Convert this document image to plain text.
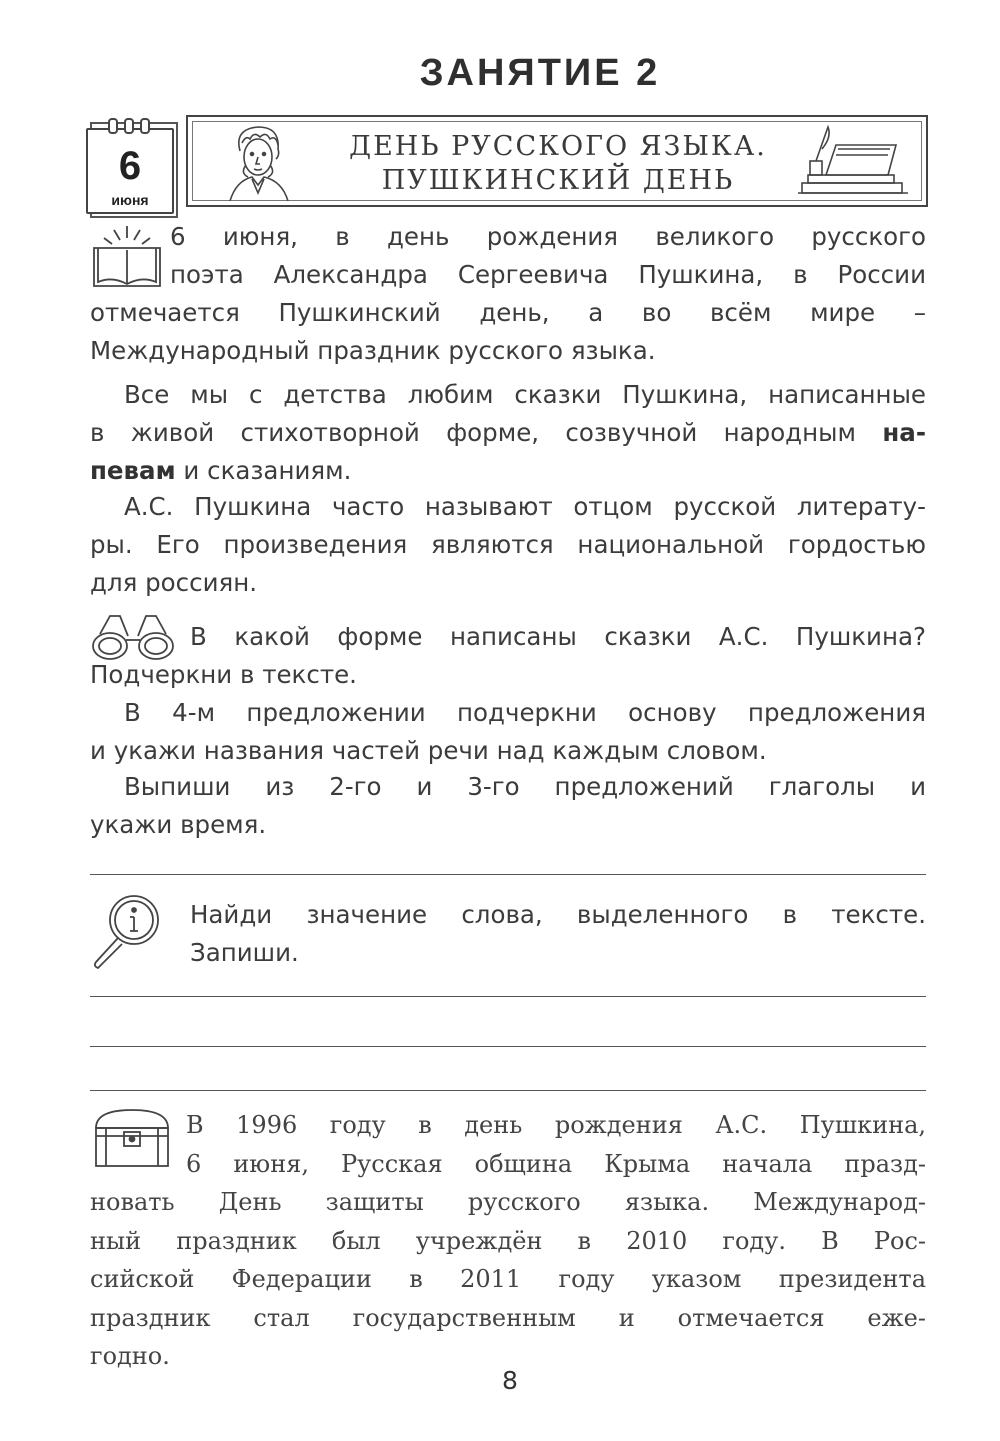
ЗАНЯТИЕ 2
6
июня
ДЕНЬ РУССКОГО ЯЗЫКА.
ПУШКИНСКИЙ ДЕНЬ
6 июня, в день рождения великого русского
поэта Александра Сергеевича Пушкина, в России
отмечается Пушкинский день, а во всём мире –
Международный праздник русского языка.
Все мы с детства любим сказки Пушкина, написанные
в живой стихотворной форме, созвучной народным на-
певам и сказаниям.
А.С. Пушкина часто называют отцом русской литерату-
ры. Его произведения являются национальной гордостью
для россиян.
В какой форме написаны сказки А.С. Пушкина?
Подчеркни в тексте.
В 4-м предложении подчеркни основу предложения
и укажи названия частей речи над каждым словом.
Выпиши из 2-го и 3-го предложений глаголы и
укажи время.
Найди значение слова, выделенного в тексте.
Запиши.
В 1996 году в день рождения А.С. Пушкина,
6 июня, Русская община Крыма начала празд-
новать День защиты русского языка. Международ-
ный праздник был учреждён в 2010 году. В Рос-
сийской Федерации в 2011 году указом президента
праздник стал государственным и отмечается еже-
годно.
8
